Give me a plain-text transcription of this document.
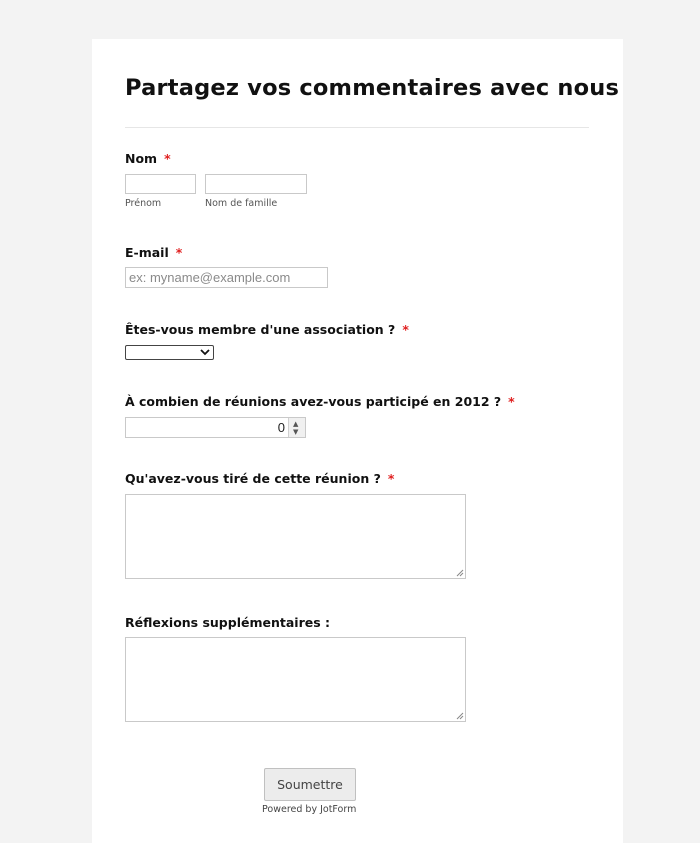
Partagez vos commentaires avec nous
Nom *
Prénom	Nom de famille
E-mail *
ex: myname@example.com
Êtes-vous membre d'une association ? *
À combien de réunions avez-vous participé en 2012 ? *
0 ▲
▼
Qu'avez-vous tiré de cette réunion ? *
Réflexions supplémentaires :
Soumettre
Powered by JotForm
